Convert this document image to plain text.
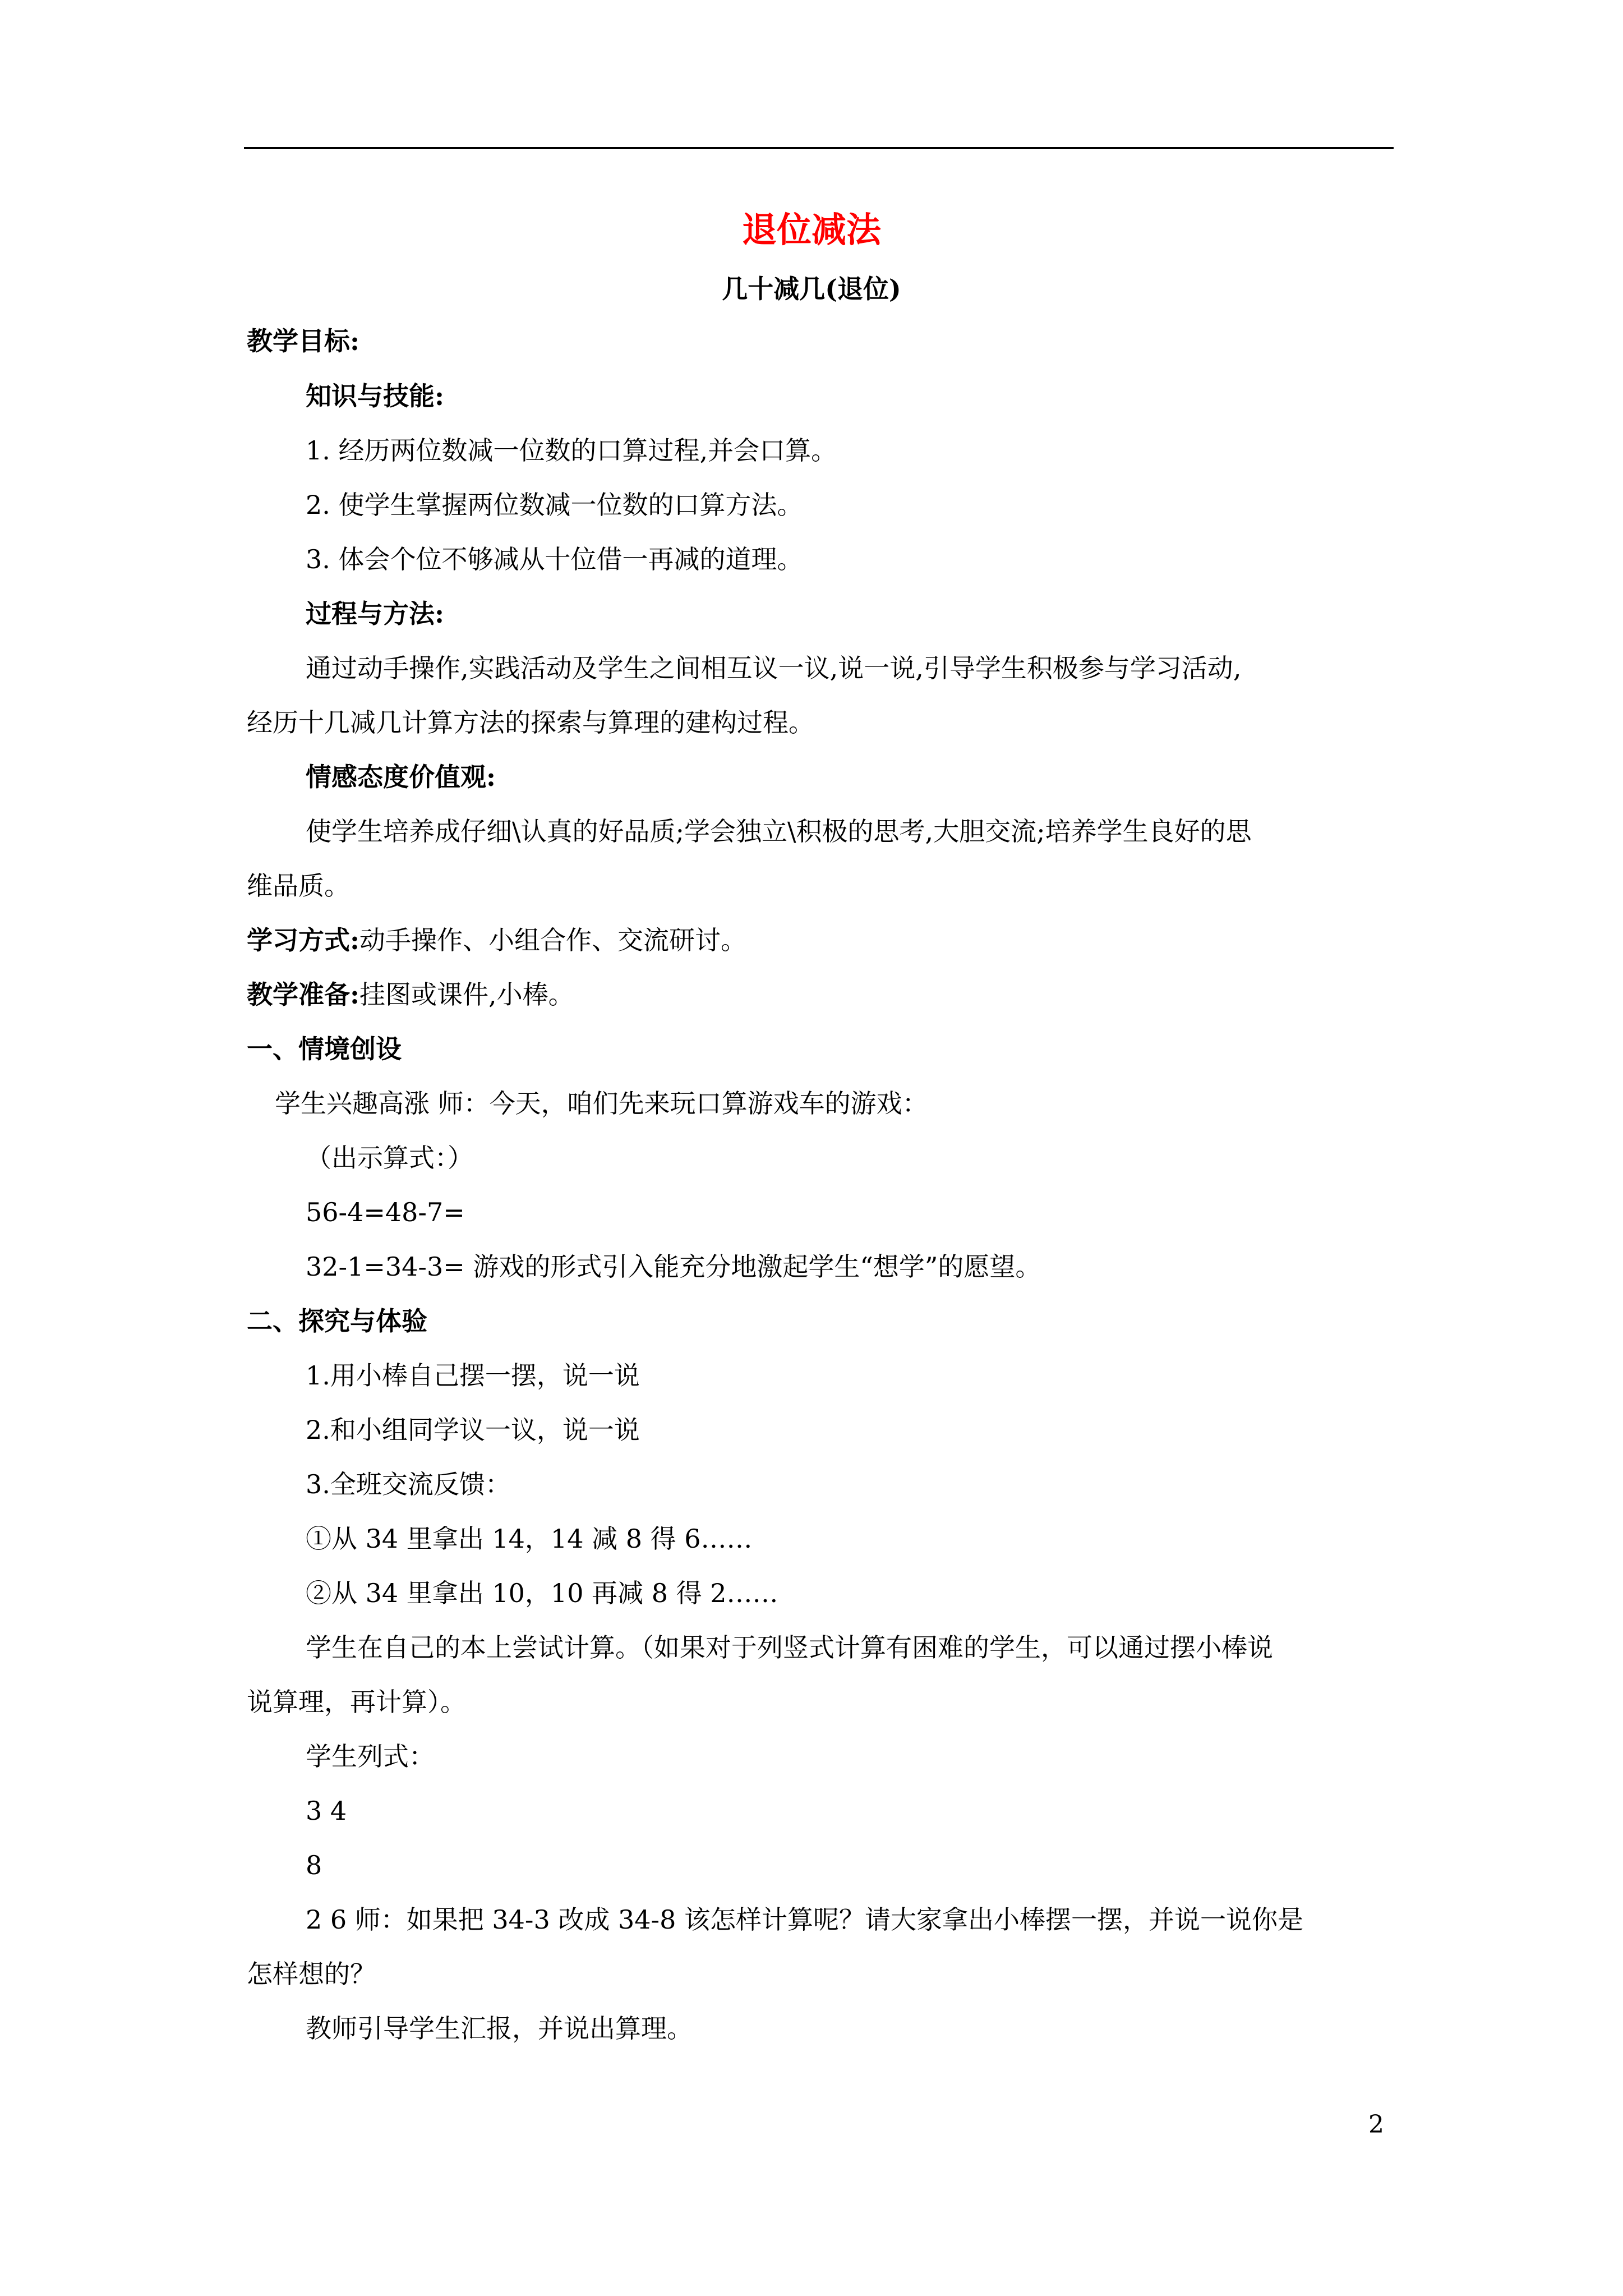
退位减法
几十减几(退位)
教学目标:
知识与技能:
1. 经历两位数减一位数的口算过程,并会口算。
2. 使学生掌握两位数减一位数的口算方法。
3. 体会个位不够减从十位借一再减的道理。
过程与方法:
通过动手操作,实践活动及学生之间相互议一议,说一说,引导学生积极参与学习活动,
经历十几减几计算方法的探索与算理的建构过程。
情感态度价值观:
使学生培养成仔细\认真的好品质;学会独立\积极的思考,大胆交流;培养学生良好的思
维品质。
学习方式:动手操作、小组合作、交流研讨。
教学准备:挂图或课件,小棒。
一、情境创设
学生兴趣高涨 师：今天，咱们先来玩口算游戏车的游戏：
（出示算式：）
56-4=48-7=
32-1=34-3= 游戏的形式引入能充分地激起学生“想学”的愿望。
二、探究与体验
1.用小棒自己摆一摆，说一说
2.和小组同学议一议，说一说
3.全班交流反馈：
①从 34 里拿出 14，14 减 8 得 6……
②从 34 里拿出 10，10 再减 8 得 2……
学生在自己的本上尝试计算。（如果对于列竖式计算有困难的学生，可以通过摆小棒说
说算理，再计算）。
学生列式：
3 4
8
2 6 师：如果把 34-3 改成 34-8 该怎样计算呢？请大家拿出小棒摆一摆，并说一说你是
怎样想的？
教师引导学生汇报，并说出算理。
2
